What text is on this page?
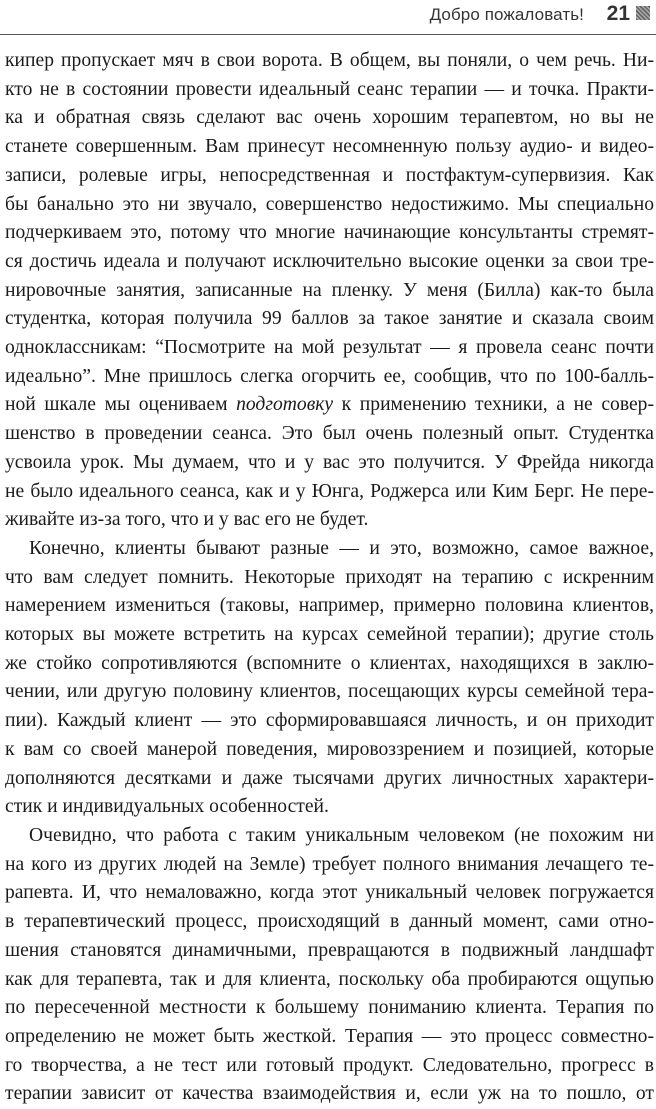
Добро пожаловать! 21
кипер пропускает мяч в свои ворота. В общем, вы поняли, о чем речь. Ни-
кто не в состоянии провести идеальный сеанс терапии — и точка. Практи-
ка и обратная связь сделают вас очень хорошим терапевтом, но вы не
станете совершенным. Вам принесут несомненную пользу аудио- и видео-
записи, ролевые игры, непосредственная и постфактум-супервизия. Как
бы банально это ни звучало, совершенство недостижимо. Мы специально
подчеркиваем это, потому что многие начинающие консультанты стремят-
ся достичь идеала и получают исключительно высокие оценки за свои тре-
нировочные занятия, записанные на пленку. У меня (Билла) как-то была
студентка, которая получила 99 баллов за такое занятие и сказала своим
одноклассникам: “Посмотрите на мой результат — я провела сеанс почти
идеально”. Мне пришлось слегка огорчить ее, сообщив, что по 100-балль-
ной шкале мы оцениваем подготовку к применению техники, а не совер-
шенство в проведении сеанса. Это был очень полезный опыт. Студентка
усвоила урок. Мы думаем, что и у вас это получится. У Фрейда никогда
не было идеального сеанса, как и у Юнга, Роджерса или Ким Берг. Не пере-
живайте из-за того, что и у вас его не будет.
Конечно, клиенты бывают разные — и это, возможно, самое важное,
что вам следует помнить. Некоторые приходят на терапию с искренним
намерением измениться (таковы, например, примерно половина клиентов,
которых вы можете встретить на курсах семейной терапии); другие столь
же стойко сопротивляются (вспомните о клиентах, находящихся в заклю-
чении, или другую половину клиентов, посещающих курсы семейной тера-
пии). Каждый клиент — это сформировавшаяся личность, и он приходит
к вам со своей манерой поведения, мировоззрением и позицией, которые
дополняются десятками и даже тысячами других личностных характери-
стик и индивидуальных особенностей.
Очевидно, что работа с таким уникальным человеком (не похожим ни
на кого из других людей на Земле) требует полного внимания лечащего те-
рапевта. И, что немаловажно, когда этот уникальный человек погружается
в терапевтический процесс, происходящий в данный момент, сами отно-
шения становятся динамичными, превращаются в подвижный ландшафт
как для терапевта, так и для клиента, поскольку оба пробираются ощупью
по пересеченной местности к большему пониманию клиента. Терапия по
определению не может быть жесткой. Терапия — это процесс совместно-
го творчества, а не тест или готовый продукт. Следовательно, прогресс в
терапии зависит от качества взаимодействия и, если уж на то пошло, от
